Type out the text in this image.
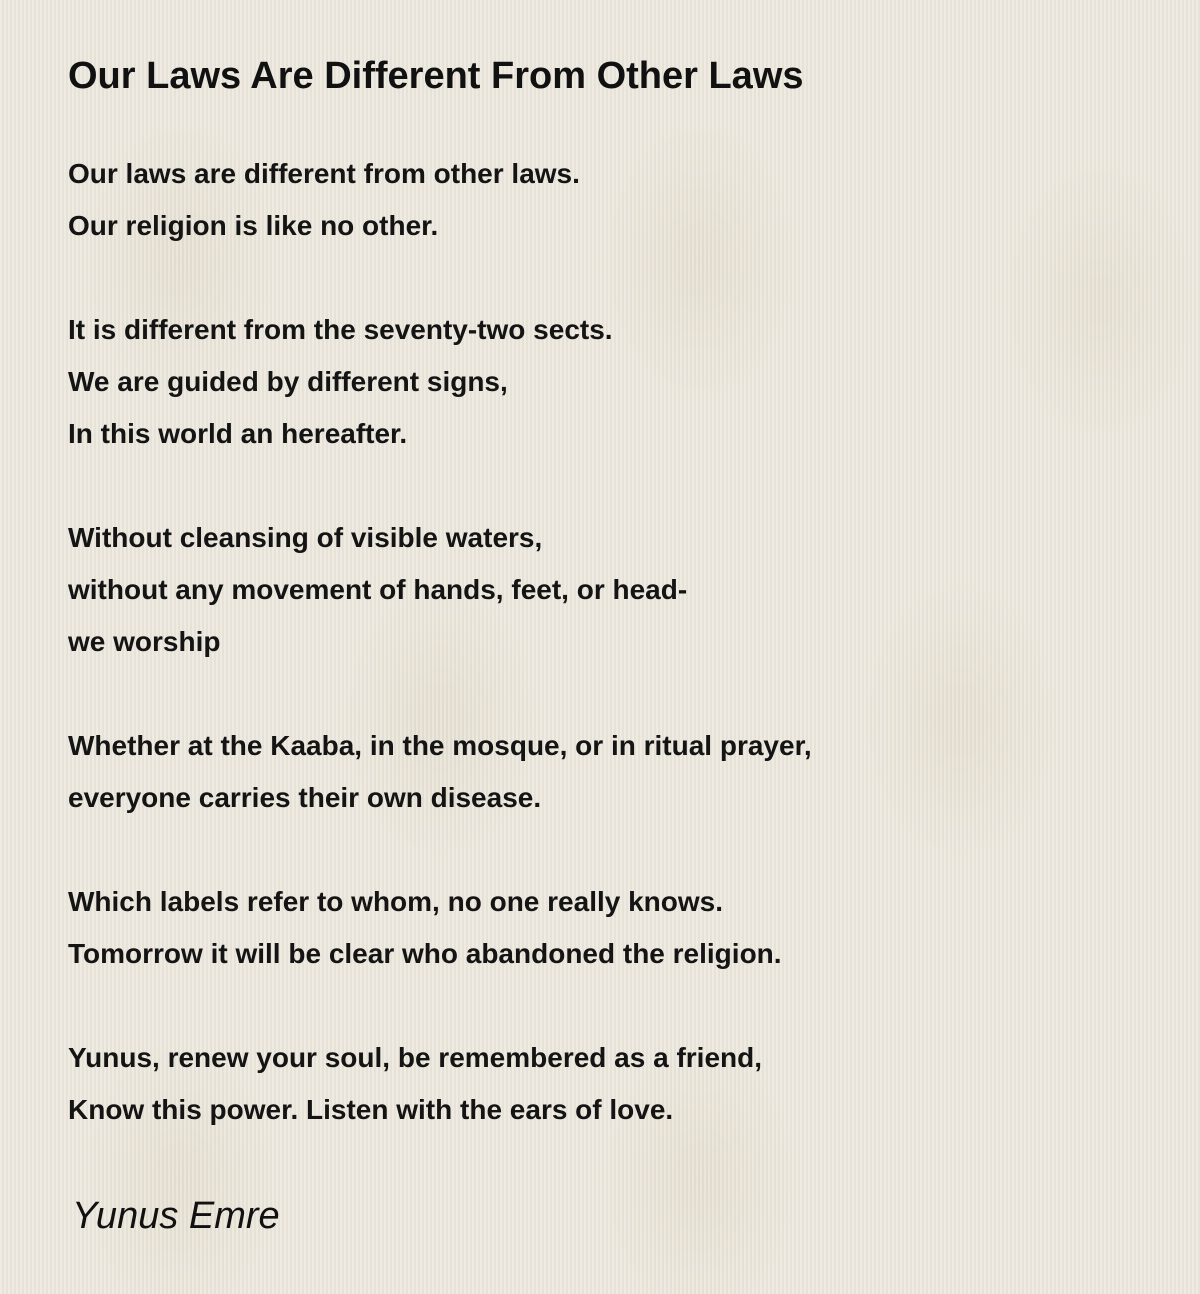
Our Laws Are Different From Other Laws
Our laws are different from other laws.
Our religion is like no other.
It is different from the seventy-two sects.
We are guided by different signs,
In this world an hereafter.
Without cleansing of visible waters,
without any movement of hands, feet, or head-
we worship
Whether at the Kaaba, in the mosque, or in ritual prayer,
everyone carries their own disease.
Which labels refer to whom, no one really knows.
Tomorrow it will be clear who abandoned the religion.
Yunus, renew your soul, be remembered as a friend,
Know this power. Listen with the ears of love.
Yunus Emre
